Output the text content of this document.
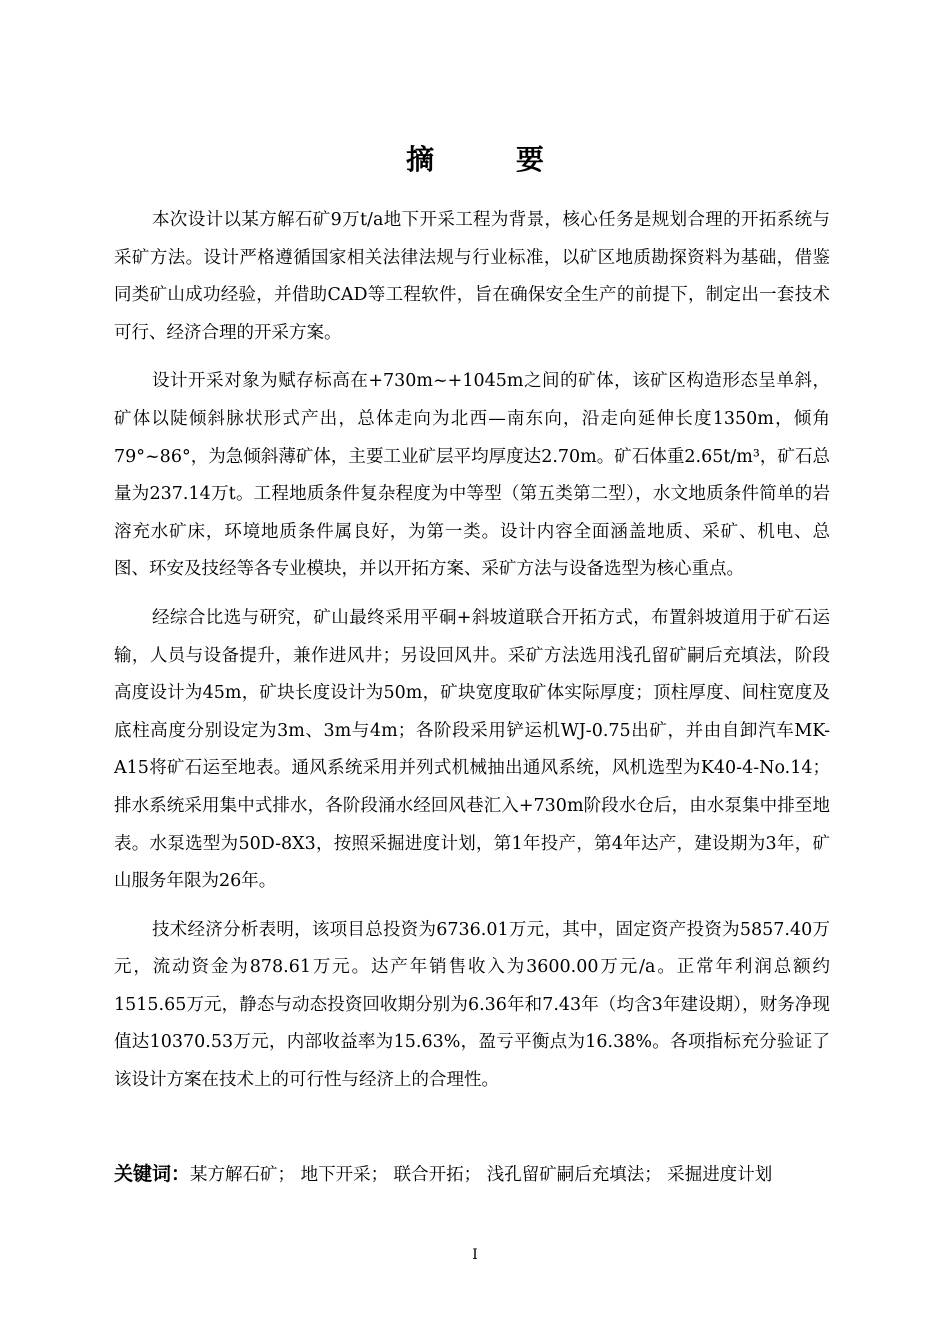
摘 要

本次设计以某方解石矿9万t/a地下开采工程为背景，核心任务是规划合理的开拓系统与采矿方法。设计严格遵循国家相关法律法规与行业标准，以矿区地质勘探资料为基础，借鉴同类矿山成功经验，并借助CAD等工程软件，旨在确保安全生产的前提下，制定出一套技术可行、经济合理的开采方案。

设计开采对象为赋存标高在+730m~+1045m之间的矿体，该矿区构造形态呈单斜，矿体以陡倾斜脉状形式产出，总体走向为北西—南东向，沿走向延伸长度1350m，倾角79°~86°，为急倾斜薄矿体，主要工业矿层平均厚度达2.70m。矿石体重2.65t/m³，矿石总量为237.14万t。工程地质条件复杂程度为中等型（第五类第二型），水文地质条件简单的岩溶充水矿床，环境地质条件属良好，为第一类。设计内容全面涵盖地质、采矿、机电、总图、环安及技经等各专业模块，并以开拓方案、采矿方法与设备选型为核心重点。

经综合比选与研究，矿山最终采用平硐+斜坡道联合开拓方式，布置斜坡道用于矿石运输，人员与设备提升，兼作进风井；另设回风井。采矿方法选用浅孔留矿嗣后充填法，阶段高度设计为45m，矿块长度设计为50m，矿块宽度取矿体实际厚度；顶柱厚度、间柱宽度及底柱高度分别设定为3m、3m与4m；各阶段采用铲运机WJ-0.75出矿，并由自卸汽车MK-A15将矿石运至地表。通风系统采用并列式机械抽出通风系统，风机选型为K40-4-No.14；排水系统采用集中式排水，各阶段涌水经回风巷汇入+730m阶段水仓后，由水泵集中排至地表。水泵选型为50D-8X3，按照采掘进度计划，第1年投产，第4年达产，建设期为3年，矿山服务年限为26年。

技术经济分析表明，该项目总投资为6736.01万元，其中，固定资产投资为5857.40万元，流动资金为878.61万元。达产年销售收入为3600.00万元/a。正常年利润总额约1515.65万元，静态与动态投资回收期分别为6.36年和7.43年（均含3年建设期），财务净现值达10370.53万元，内部收益率为15.63%，盈亏平衡点为16.38%。各项指标充分验证了该设计方案在技术上的可行性与经济上的合理性。

关键词：某方解石矿； 地下开采； 联合开拓； 浅孔留矿嗣后充填法； 采掘进度计划
I
